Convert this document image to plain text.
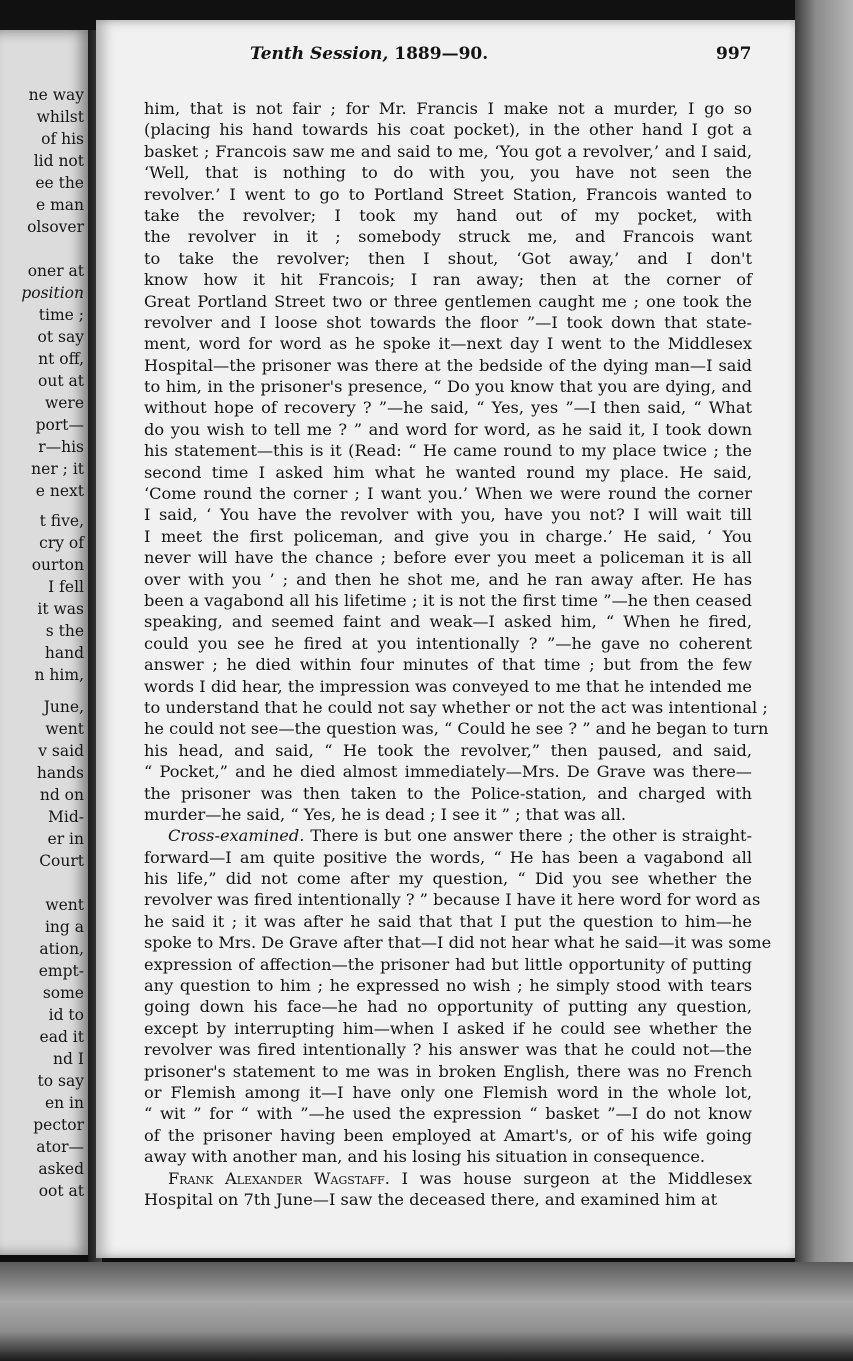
ne way

whilst

of his

lid not

ee the

e man

olsover

oner at

position

time ;

ot say

nt off,

out at

were

port—

r—his

ner ; it

e next

t five,

cry of

ourton

I fell

it was

s the

hand

n him,

June,

went

v said

hands

nd on

Mid-

er in

Court

went

ing a

ation,

empt-

some

id to

ead it

nd I

to say

en in

pector

ator—

asked

oot at

Tenth Session, 1889—90.	997

him, that is not fair ; for Mr. Francis I make not a murder, I go so

(placing his hand towards his coat pocket), in the other hand I got a

basket ; Francois saw me and said to me, ‘You got a revolver,’ and I said,

‘Well, that is nothing to do with you, you have not seen the

revolver.’ I went to go to Portland Street Station, Francois wanted to

take the revolver; I took my hand out of my pocket, with

the revolver in it ; somebody struck me, and Francois want

to take the revolver; then I shout, ‘Got away,’ and I don't

know how it hit Francois; I ran away; then at the corner of

Great Portland Street two or three gentlemen caught me ; one took the

revolver and I loose shot towards the floor ”—I took down that state-

ment, word for word as he spoke it—next day I went to the Middlesex

Hospital—the prisoner was there at the bedside of the dying man—I said

to him, in the prisoner's presence, “ Do you know that you are dying, and

without hope of recovery ? ”—he said, “ Yes, yes ”—I then said, “ What

do you wish to tell me ? ” and word for word, as he said it, I took down

his statement—this is it (Read: “ He came round to my place twice ; the

second time I asked him what he wanted round my place. He said,

‘Come round the corner ; I want you.’ When we were round the corner

I said, ‘ You have the revolver with you, have you not? I will wait till

I meet the first policeman, and give you in charge.’ He said, ‘ You

never will have the chance ; before ever you meet a policeman it is all

over with you ’ ; and then he shot me, and he ran away after. He has

been a vagabond all his lifetime ; it is not the first time ”—he then ceased

speaking, and seemed faint and weak—I asked him, “ When he fired,

could you see he fired at you intentionally ? ”—he gave no coherent

answer ; he died within four minutes of that time ; but from the few

words I did hear, the impression was conveyed to me that he intended me

to understand that he could not say whether or not the act was intentional ;

he could not see—the question was, “ Could he see ? ” and he began to turn

his head, and said, “ He took the revolver,” then paused, and said,

“ Pocket,” and he died almost immediately—Mrs. De Grave was there—

the prisoner was then taken to the Police-station, and charged with

murder—he said, “ Yes, he is dead ; I see it ” ; that was all.

Cross-examined. There is but one answer there ; the other is straight-

forward—I am quite positive the words, “ He has been a vagabond all

his life,” did not come after my question, “ Did you see whether the

revolver was fired intentionally ? ” because I have it here word for word as

he said it ; it was after he said that that I put the question to him—he

spoke to Mrs. De Grave after that—I did not hear what he said—it was some

expression of affection—the prisoner had but little opportunity of putting

any question to him ; he expressed no wish ; he simply stood with tears

going down his face—he had no opportunity of putting any question,

except by interrupting him—when I asked if he could see whether the

revolver was fired intentionally ? his answer was that he could not—the

prisoner's statement to me was in broken English, there was no French

or Flemish among it—I have only one Flemish word in the whole lot,

“ wit ” for “ with ”—he used the expression “ basket ”—I do not know

of the prisoner having been employed at Amart's, or of his wife going

away with another man, and his losing his situation in consequence.

Frank Alexander Wagstaff. I was house surgeon at the Middlesex

Hospital on 7th June—I saw the deceased there, and examined him at
